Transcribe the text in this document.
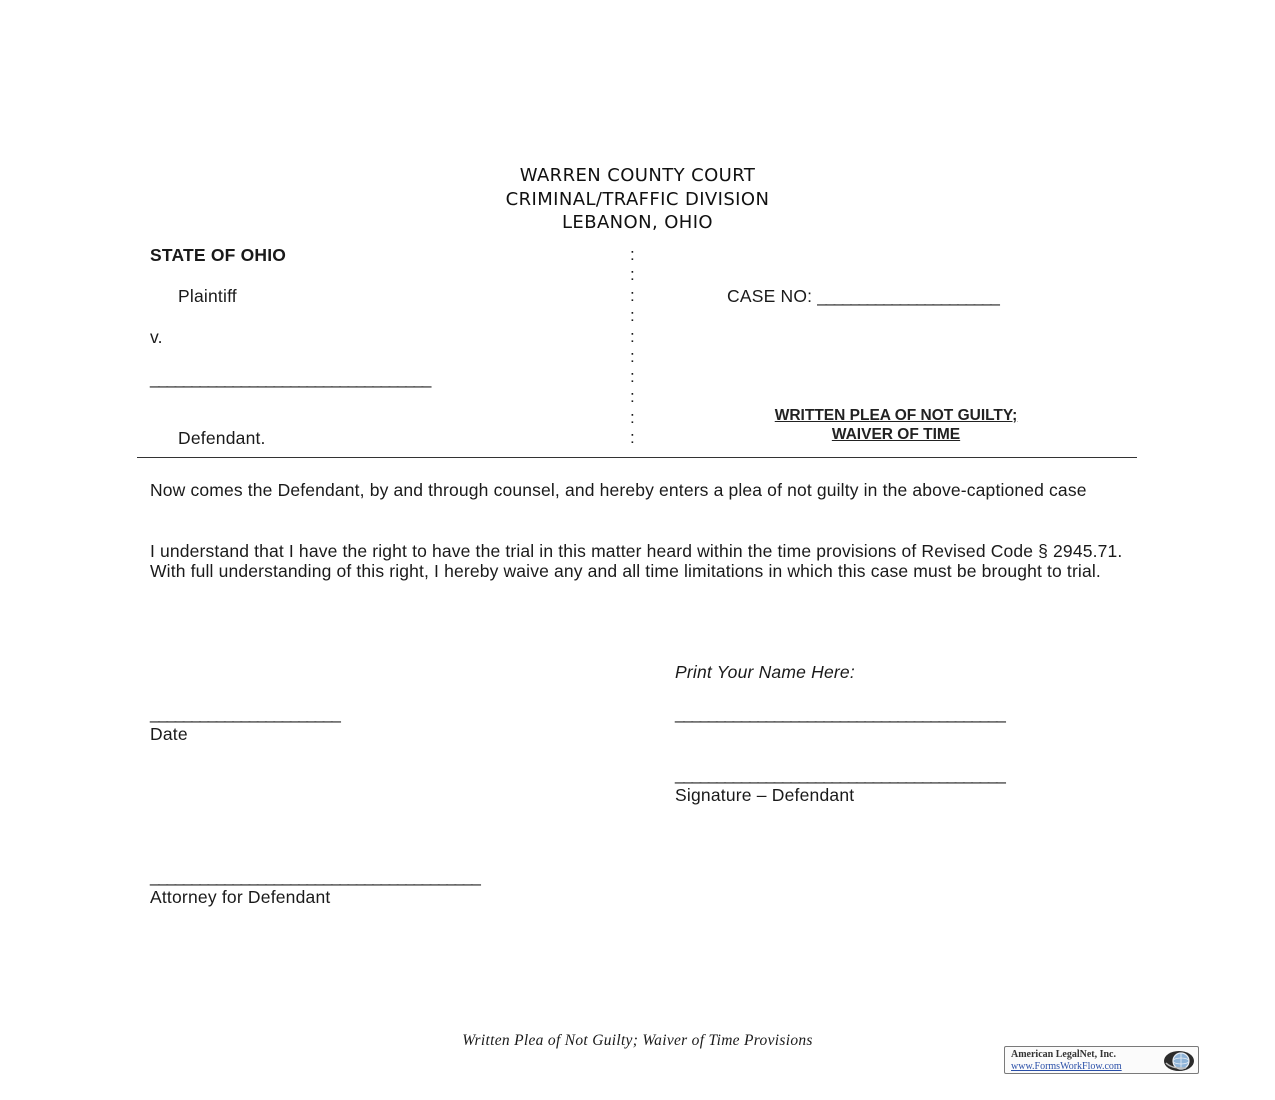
WARREN COUNTY COURT
CRIMINAL/TRAFFIC DIVISION
LEBANON, OHIO
STATE OF OHIO
Plaintiff
v.
__________________________________
Defendant.
:
:
:
:
:
:
:
:
:
:
CASE NO: ______________________
WRITTEN PLEA OF NOT GUILTY;
WAIVER OF TIME
Now comes the Defendant, by and through counsel, and hereby enters a plea of not guilty in the above-captioned case
I understand that I have the right to have the trial in this matter heard within the time provisions of Revised Code § 2945.71. With full understanding of this right, I hereby waive any and all time limitations in which this case must be brought to trial.
Print Your Name Here:
________________________________________
_______________________
Date
________________________________________
Signature – Defendant
________________________________________
Attorney for Defendant
Written Plea of Not Guilty; Waiver of Time Provisions
American LegalNet, Inc.
www.FormsWorkFlow.com
